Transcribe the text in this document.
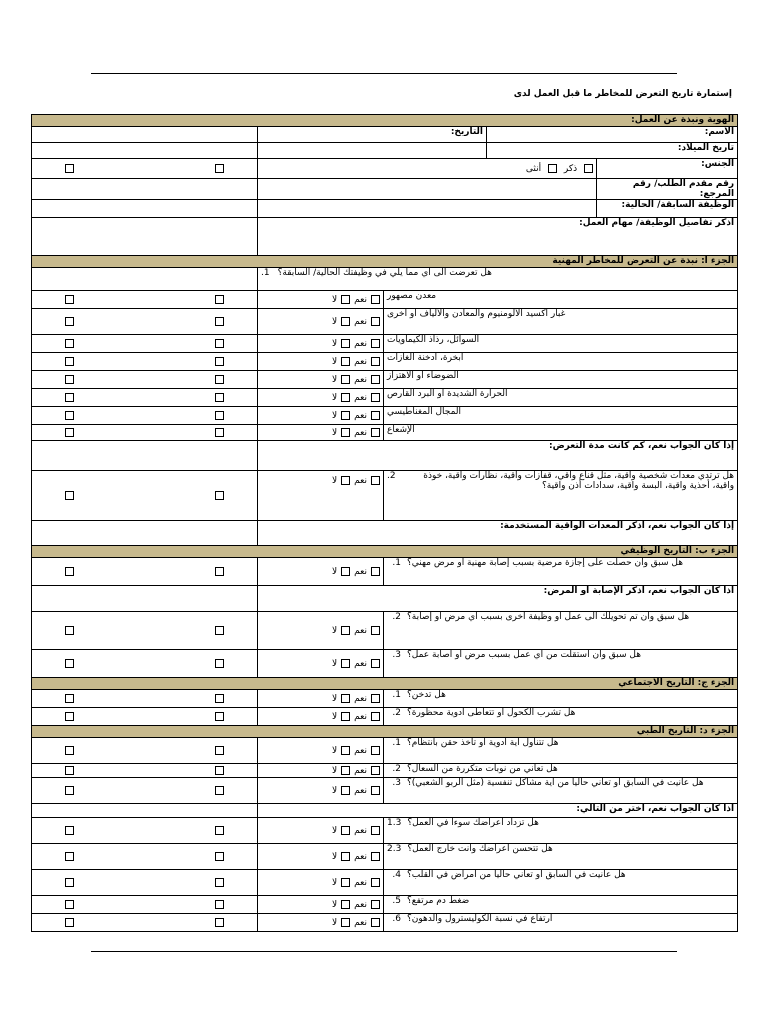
إستمارة تاريخ التعرض للمخاطر ما قبل العمل لدى
الهوية ونبذة عن العمل:				
	التاريخ:		الاسم:	
			تاريخ الميلاد:	

	ذكر  أنثى			الجنس:
				رقم مقدم الطلب/ رقم المرجع:
				الوظيفة السابقة/ الحالية:
	اذكر تفاصيل الوظيفة/ مهام العمل:			
الجزء أ: نبذة عن التعرض للمخاطر المهنية				

	1. هل تعرضت الى أي مما يلي في وظيفتك الحالية/ السابقة؟			

	نعملا	معدن مصهور		

	نعملا	غبار أكسيد الألومنيوم والمعادن والألياف أو أخرى		

	نعملا	السوائل، رذاذ الكيماويات		

	نعملا	أبخرة، أدخنة الغازات		

	نعملا	الضوضاء أو الاهتزاز		

	نعملا	الحرارة الشديدة أو البرد القارص		

	نعملا	المجال المغناطيسي		

	نعملا	الإشعاع		

	إذا كان الجواب نعم، كم كانت مدة التعرض:			

	نعملا	2. هل ترتدي معدات شخصية واقية، مثل قناع واقي، قفازات واقية، نظارات واقية، خوذة واقية، أحذية واقية، البسة واقية، سدادات أذن واقية؟		

	إذا كان الجواب نعم، اذكر المعدات الواقية المستخدمة:			
الجزء ب: التاريخ الوظيفي				

	نعملا	1. هل سبق وأن حصلت على إجازة مرضية بسبب إصابة مهنية أو مرض مهني؟		

	اذا كان الجواب نعم، اذكر الإصابة او المرض:			

	نعملا	2. هل سبق وأن تم تحويلك الى عمل أو وظيفة أخرى بسبب أي مرض أو إصابة؟		

	نعملا	3. هل سبق وأن استقلت من أي عمل بسبب مرض أو اصابة عمل؟		

الجزء ج: التاريخ الاجتماعي				

	نعملا	1. هل تدخن؟		

	نعملا	2. هل تشرب الكحول أو تتعاطى أدوية محظورة؟		

الجزء د: التاريخ الطبي				

	نعملا	1. هل تتناول أية أدوية أو تأخذ حقن بانتظام؟		

	نعملا	2. هل تعاني من نوبات متكررة من السعال؟		

	نعملا	3. هل عانيت في السابق أو تعاني حاليا من أية مشاكل تنفسية (مثل الربو الشعبي)؟		

	اذا كان الجواب نعم، اختر من التالي:			

	نعملا	1.3 هل تزداد أعراضك سوءا في العمل؟		

	نعملا	2.3 هل تتحسن أعراضك وأنت خارج العمل؟		

	نعملا	4. هل عانيت في السابق أو تعاني حاليا من أمراض في القلب؟		

	نعملا	5. ضغط دم مرتفع؟		

	نعملا	6. ارتفاع في نسبة الكوليسترول والدهون؟		
